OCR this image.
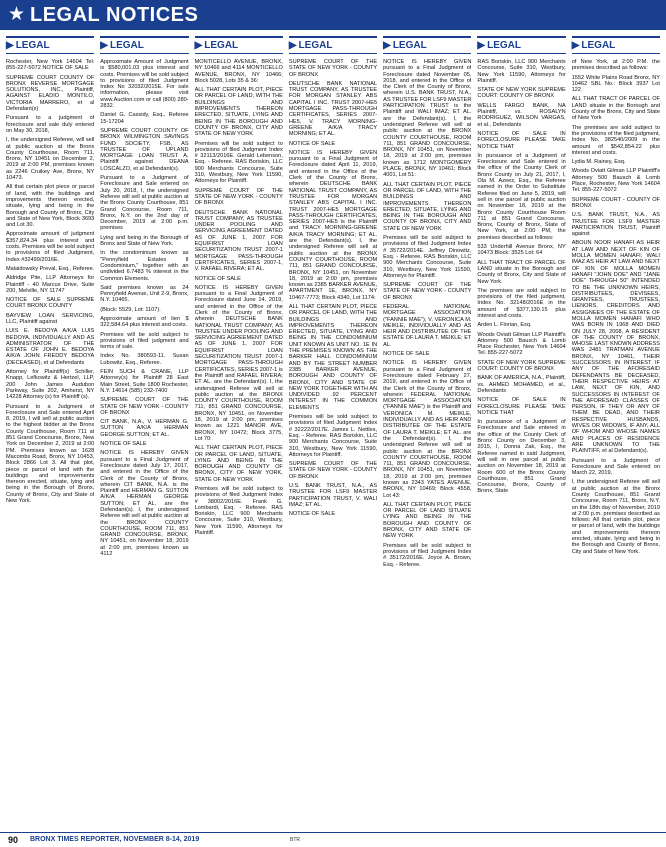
★ LEGAL NOTICES
▶ LEGAL

Rochester, New York 14604 Tel: 855-227-5072 NOTICE OF SALE

SUPREME COURT COUNTY OF BRONX REVERSE MORTGAGE SOLUTIONS, INC., Plaintiff, AGAINST ELADIO MONTILO, VICTORIA MARRERO, et al Defendant(s)

Pursuant to a judgment of foreclosure and sale duly entered on May 30, 2018,

I, the undersigned Referee, will sell at public auction at the Bronx County Courthouse, Room 711, Bronx, NY 10451 on December 2, 2019 at 2:00 PM, premises known as 2246 Cruikey Ave, Bronx, NY 10473.

All that certain plot piece or parcel of land, with the buildings and improvements thereon erected, situate, lying and being in the Borough and County of Bronx, City and State of New York, Block 3693 and Lot 30.

Approximate amount of judgment $357,824.34 plus interest and costs. Premises will be sold subject to provisions of filed Judgment, Index #32499/2016E.

Malaidowsky Preval, Esq., Referee.

Aldridge Pite, LLP Attorneys for Plaintiff - 40 Marcus Drive, Suite 200, Melville, NY 11747

NOTICE OF SALE SUPREME COURT BRONX COUNTY

BAYVIEW LOAN SERVICING, LLC, Plaintiff against

LUIS E. BEDOYA A/K/A LUIS BEDOYA, INDIVIDUALLY AND AS ADMINISTRATOR OF THE ESTATE OF JOHN E. BEDOYA A/K/A JOHN FREDDY BEDOYA (DECEASED), et al Defendants

Attorney for Plaintiff(s) Schiller, Knapp, Lefkowitz & Hertzel, LLP, 200 John James Audubon Parkway, Suite 202, Amherst, NY 14228 Attorney (s) for Plaintiff (s).

Pursuant to a Judgment of Foreclosure and Sale entered April 8, 2019, I will sell at public auction to the highest bidder at the Bronx County Courthouse, Room 711 at 851 Grand Concourse, Bronx, New York on December 2, 2019 at 2:00 PM. Premises known as 1628 Macombs Road, Bronx, NY 10453, Block 2866 Lot 3. All that plot, piece or parcel of land with the buildings and improvements thereon erected, situate, lying and being in the Borough of Bronx, County of Bronx, City and State of New York.

▶ LEGAL

Approximate Amount of Judgment is $580,001.03 plus interest and costs. Premises will be sold subject to provisions of filed Judgment Index No 32032/2015E. For sale information, please visit www.Auction.com or call (800) 280-2832.

Daniel G. Cassidy, Esq., Referee 15-17204

SUPREME COURT COUNTY OF BRONX WILMINGTON SAVINGS FUND SOCIETY, FSB, AS TRUSTEE OF UPLAND MORTGAGE LOAN TRUST A, Plaintiff against DEANA LOSCALZO, et al Defendant(s).

Pursuant to a Judgment of Foreclosure and Sale entered on July 20, 2018, I, the undersigned Referee will sell at public auction at the Bronx County Courthouse, 851 Grand Concourse, Room 711, Bronx, N.Y. on the 2nd day of December, 2019 at 2:00 p.m. premises

Lying and being in the Borough of Bronx and State of New York.

In the condominium known as "Pennyfield Estates II Condominium," together with an undivided 6.7483 % interest in the Common Elements.

Said premises known as 24 Pennyfield Avenue, Unit 2-9, Bronx, N.Y. 10465.

(Block: 5529, Lot: 1107).

Approximate amount of lien $ 322,584.64 plus interest and costs.

Premises will be sold subject to provisions of filed judgment and terms of sale.

Index No. 380593-11. Susan Lubowitz, Esq., Referee.

FEIN SUCH & CRANE, LLP Attorney(s) for Plaintiff 28 East Main Street, Suite 1800 Rochester, N.Y. 14614 (585) 232-7400

SUPREME COURT OF THE STATE OF NEW YORK - COUNTY OF BRONX

CIT BANK, N.A., V. HERMAN G. SUTTON A/K/A HERMAN GEORGE SUTTON; ET AL.

NOTICE OF SALE

NOTICE IS HEREBY GIVEN pursuant to a Final Judgment of Foreclosure dated July 17, 2017, and entered in the Office of the Clerk of the County of Bronx, wherein CIT BANK, N.A. is the Plaintiff and HERMAN G. SUTTON A/K/A HERMAN GEORGE SUTTON; ET AL. are the Defendant(s). I, the undersigned Referee will sell at public auction at the BRONX COUNTY COURTHOUSE, ROOM 711, 851 GRAND CONCOURSE, BRONX, NY 10451, on November 18, 2019 at 2:00 pm, premises known as 4112

▶ LEGAL

MONTICELLO AVENUE, BRONX, NY 10466 and 4114 MONTICELLO AVENUE, BRONX, NY 10466; Block 5028, Lots 35 & 36:

ALL THAT CERTAIN PLOT, PIECE OR PARCEL OF LAND, WITH THE BUILDINGS AND IMPROVEMENTS THEREON ERECTED, SITUATE, LYING AND BEING IN THE BOROUGH AND COUNTY OF BRONX, CITY AND STATE OF NEW YORK

Premises will be sold subject to provisions of filed Judgment Index # 32113/2016E. Gerald Lebenson, Esq. - Referee. RAS Boriskin, LLC 900 Merchants Concourse, Suite 310, Westbury, New York 11590, Attorneys for Plaintiff.

SUPREME COURT OF THE STATE OF NEW YORK - COUNTY OF BRONX

DEUTSCHE BANK NATIONAL TRUST COMPANY, AS TRUSTEE UNDER POOLING AND SERVICING AGREEMENT DATED AS OF JUNE 1, 2007 FOR EQUIFIRST LOAN SECURITIZATION TRUST 2007-1 MORTGAGE PASS-THROUGH CERTIFICATES, SERIES 2007-1, V. RAFAEL RIVERA; ET AL.

NOTICE OF SALE

NOTICE IS HEREBY GIVEN pursuant to a Final Judgment of Foreclosure dated June 14, 2019, and entered in the Office of the Clerk of the County of Bronx, wherein DEUTSCHE BANK NATIONAL TRUST COMPANY, AS TRUSTEE UNDER POOLING AND SERVICING AGREEMENT DATED AS OF JUNE 1, 2007 FOR EQUIFIRST LOAN SECURITIZATION TRUST 2007-1 MORTGAGE PASS-THROUGH CERTIFICATES, SERIES 2007-1 is the Plaintiff and RAFAEL RIVERA; ET AL. are the Defendant(s). I, the undersigned Referee will sell at public auction at the BRONX COUNTY COURTHOUSE, ROOM 711, 851 GRAND CONCOURSE, BRONX, NY 10451, on November 18, 2019 at 2:00 pm, premises known as 1221 MANOR AVE, BRONX, NY 10472; Block 3775, Lot 70:

ALL THAT CERTAIN PLOT, PIECE OR PARCEL OF LAND, SITUATE, LYING AND BEING IN THE BOROUGH AND COUNTY OF BRONX, CITY OF NEW YORK, STATE OF NEW YORK

Premises will be sold subject to provisions of filed Judgment Index # 38002/2016E. Frank G. Lombardi, Esq. - Referee. RAS Boriskin, LLC 900 Merchants Concourse, Suite 310, Westbury, New York 11590, Attorneys for Plaintiff.

▶ LEGAL

SUPREME COURT OF THE STATE OF NEW YORK - COUNTY OF BRONX

DEUTSCHE BANK NATIONAL TRUST COMPANY, AS TRUSTEE FOR MORGAN STANLEY ABS CAPITAL I INC. TRUST 2007-HE5 MORTGAGE PASS-THROUGH CERTIFICATES, SERIES 2007-HE5, V. TRACY MORNING-GREENE A/K/A TRACY MORNING; ET AL.

NOTICE OF SALE

NOTICE IS HEREBY GIVEN pursuant to a Final Judgment of Foreclosure dated April 11, 2019, and entered in the Office of the Clerk of the County of Bronx, wherein DEUTSCHE BANK NATIONAL TRUST COMPANY, AS TRUSTEE FOR MORGAN STANLEY ABS CAPITAL I INC. TRUST 2007-HE5 MORTGAGE PASS-THROUGH CERTIFICATES, SERIES 2007-HE5 is the Plaintiff and TRACY MORNING-GREENE A/K/A TRACY MORNING; ET AL. are the Defendant(s). I, the undersigned Referee will sell at public auction at the BRONX COUNTY COURTHOUSE, ROOM 711, 851 GRAND CONCOURSE, BRONX, NY 10451, on November 18, 2019 at 2:00 pm, premises known as 2385 BARKER AVENUE, APARTMENT 1E, BRONX, NY 10467-7773; Block 4340, Lot 1174:

ALL THAT CERTAIN PLOT, PIECE OR PARCEL OF LAND, WITH THE BUILDINGS AND IMPROVEMENTS THEREON ERECTED, SITUATE, LYING AND BEING IN THE CONDOMINIUM UNIT KNOWN AS UNIT NO. 1E IN THE PREMISES KNOWN AS THE BARKER HALL CONDOMINIUM AND BY THE STREET NUMBER 2385 BARKER AVENUE, BOROUGH AND COUNTY OF BRONX, CITY AND STATE OF NEW YORK TOGETHER WITH AN UNDIVIDED .92 PERCENT INTEREST IN THE COMMON ELEMENTS

Premises will be sold subject to provisions of filed Judgment Index # 32222/2017E. James L. Nettles, Esq. - Referee. RAS Boriskin, LLC 900 Merchants Concourse, Suite 310, Westbury, New York 11590, Attorneys for Plaintiff.

SUPREME COURT OF THE STATE OF NEW YORK - COUNTY OF BRONX

U.S. BANK TRUST, N.A., AS TRUSTEE FOR LSF9 MASTER PARTICIPATION TRUST, V. WALI IMAZ; ET AL.

NOTICE OF SALE

▶ LEGAL

NOTICE IS HEREBY GIVEN pursuant to a Final Judgment of Foreclosure dated November 05, 2018, and entered in the Office of the Clerk of the County of Bronx, wherein U.S. BANK TRUST, N.A., AS TRUSTEE FOR LSF9 MASTER PARTICIPATION TRUST is the Plaintiff and WALI IMAZ; ET AL. are the Defendant(s). I, the undersigned Referee will sell at public auction at the BRONX COUNTY COURTHOUSE, ROOM 711, 851 GRAND CONCOURSE, BRONX, NY 10451, on November 18, 2019 at 2:00 pm, premises known as 1712 MONTGOMERY PLACE, BRONX, NY 10461; Block 4001, Lot 51:

ALL THAT CERTAIN PLOT, PIECE OR PARCEL OF LAND, WITH THE BUILDINGS AND IMPROVEMENTS THEREON ERECTED, SITUATE, LYING AND BEING IN THE BOROUGH AND COUNTY OF BRONX, CITY AND STATE OF NEW YORK

Premises will be sold subject to provisions of filed Judgment Index # 35722/2014E. Jeffrey Dinowitz, Esq. - Referee. RAS Boriskin, LLC 900 Merchants Concourse, Suite 310, Westbury, New York 11590, Attorneys for Plaintiff.

SUPREME COURT OF THE STATE OF NEW YORK - COUNTY OF BRONX

FEDERAL NATIONAL MORTGAGE ASSOCIATION ("FANNIE MAE"), V. VERONICA M. MEIKLE, INDIVIDUALLY AND AS HEIR AND DISTRIBUTEE OF THE ESTATE OF LAURA T. MEIKLE; ET AL.

NOTICE OF SALE

NOTICE IS HEREBY GIVEN pursuant to a Final Judgment of Foreclosure dated February 27, 2019, and entered in the Office of the Clerk of the County of Bronx, wherein FEDERAL NATIONAL MORTGAGE ASSOCIATION ("FANNIE MAE") is the Plaintiff and VERONICA M. MEIKLE, INDIVIDUALLY AND AS HEIR AND DISTRIBUTEE OF THE ESTATE OF LAURA T. MEIKLE; ET AL. are the Defendant(s). I, the undersigned Referee will sell at public auction at the BRONX COUNTY COURTHOUSE, ROOM 711, 851 GRAND CONCOURSE, BRONX, NY 10451, on November 18, 2019 at 2:00 pm, premises known as 2343 YATES AVENUE, BRONX, NY 10469; Block 4558, Lot 43:

ALL THAT CERTAIN PLOT, PIECE OR PARCEL OF LAND SITUATE LYING AND BEING IN THE BOROUGH AND COUNTY OF BRONX, CITY AND STATE OF NEW YORK

Premises will be sold subject to provisions of filed Judgment Index # 35172/2016E. Joyce A. Brown, Esq. - Referee.

▶ LEGAL

RAS Boriskin, LLC 900 Merchants Concourse, Suite 310, Westbury, New York 11590, Attorneys for Plaintiff.

STATE OF NEW YORK SUPREME COURT: COUNTY OF BRONX

WELLS FARGO BANK, NA Plaintiff, vs. ROSALYN RODRIGUEZ, WILSON VARGAS, et al., Defendants

NOTICE OF SALE IN FORECLOSURE PLEASE TAKE NOTICE THAT

In pursuance of a Judgment of Foreclosure and Sale entered in the office of the County Clerk of Bronx County on July 21, 2017, I, Ola M. Azeez, Esq., the Referee named in the Order to Substitute Referee filed on June 5, 2019, will sell in one parcel at public auction on November 18, 2019 at the Bronx County Courthouse Room 711 at 851 Grand Concourse, Bronx, County of Bronx, State of New York, at 2:00 PM, the premises described as follows:

533 Underhill Avenue Bronx, NY 10473 Block: 3525 Lot: 64

ALL THAT TRACT OF PARCEL OF LAND situate in the Borough and County of Bronx, City and State of New York.

The premises are sold subject to provisions of the filed judgment, Index No. 32148/2016E in the amount of $377,130.15 plus interest and costs.

Arden L. Florian, Esq.

Woods Oviatt Gilman LLP Plaintiff's Attorney 500 Bausch & Lomb Place Rochester, New York 14604 Tel. 855-227-5072

STATE OF NEW YORK SUPREME COURT: COUNTY OF BRONX

BANK OF AMERICA, N.A., Plaintiff, vs. AHMED MOHAMED, et al., Defendants

NOTICE OF SALE IN FORECLOSURE PLEASE TAKE NOTICE THAT

In pursuance of a Judgment of Foreclosure and Sale entered in the office of the County Clerk of Bronx County on December 3, 2015, I, Donna Zak, Esq., the Referee named in said Judgment, will sell in one parcel at public auction on November 18, 2019 at Room 600 of the Bronx County Courthouse, 851 Grand Concourse, Bronx, County of Bronx, State

▶ LEGAL

of New York, at 2:00 P.M. the premises described as follows:

1552 White Plains Road Bronx, NY 10462 SBL No.: Block 3937 Lot 122

ALL THAT TRACT OF PARCEL OF LAND situate in the Borough and County of the Bronx, City and State of New York

The premises are sold subject to the provisions of the filed judgment, Index No. 382540/2009 in the amount of $542,854.22 plus interest and costs.

Lydia M. Rainey, Esq.

Woods Oviatt Gilman LLP Plaintiff's Attorney 500 Bausch & Lomb Place, Rochester, New York 14604 Tel. 855-227-5072

SUPREME COURT - COUNTY OF BRONX

U.S. BANK TRUST, N.A., AS TRUSTEE FOR LSF9 MASTER PARTICIPATION TRUST, Plaintiff against

ABOUN NOOR HANAFI AS HEIR AT LAW AND NEXT OF KIN OF MOLLA MOMEN HANAFI; WALI IMAZ AS HEIR AT LAW AND NEXT OF KIN OF MOLLA MOMEN HANAFI "JOHN DOE" AND "JANE DOE" THROUGH 50" INTENDED TO BE THE UNKNOWN HEIRS, DISTRIBUTEES, DEVISEES, GRANTEES, TRUSTEES, LIENORS, CREDITORS AND ASSIGNEES OF THE ESTATE OF MOLLA MOMEN HANAFI WHO WAS BORN IN 1968 AND DIED ON JULY 28, 2008, A RESIDENT OF THE COUNTY OF BRONX, WHOSE LAST KNOWN ADDRESS WAS 2481 TRATMAN AVENUE BRONX, NY 10461, THEIR SUCCESSORS IN INTEREST IF ANY OF THE AFORESAID DEFENDANTS BE DECEASED, THEIR RESPECTIVE HEIRS AT LAW, NEXT OF KIN, AND SUCCESSORS IN INTEREST OF THE AFORESAID CLASSES OF PERSON, IF THEY OR ANY OF THEM BE DEAD, AND THEIR RESPECTIVE HUSBANDS, WIVES OR WIDOWS, IF ANY, ALL OF WHOM AND WHOSE NAMES AND PLACES OF RESIDENCE ARE UNKNOWN TO THE PLAINTIFF, et al Defendant(s).

Pursuant to a Judgment of Foreclosure and Sale entered on March 22, 2019,

I, the undersigned Referee will sell at public auction at the Bronx County Courthouse, 851 Grand Concourse, Room 711, Bronx, N.Y. on the 18th day of November, 2019 at 2:00 p.m. premises described as follows: All that certain plot, piece or parcel of land, with the buildings and improvements thereon erected, situate, lying and being in the Borough and County of Bronx, City and State of New York.

90 BRONX TIMES REPORTER, NOVEMBER 8-14, 2019	BTR
